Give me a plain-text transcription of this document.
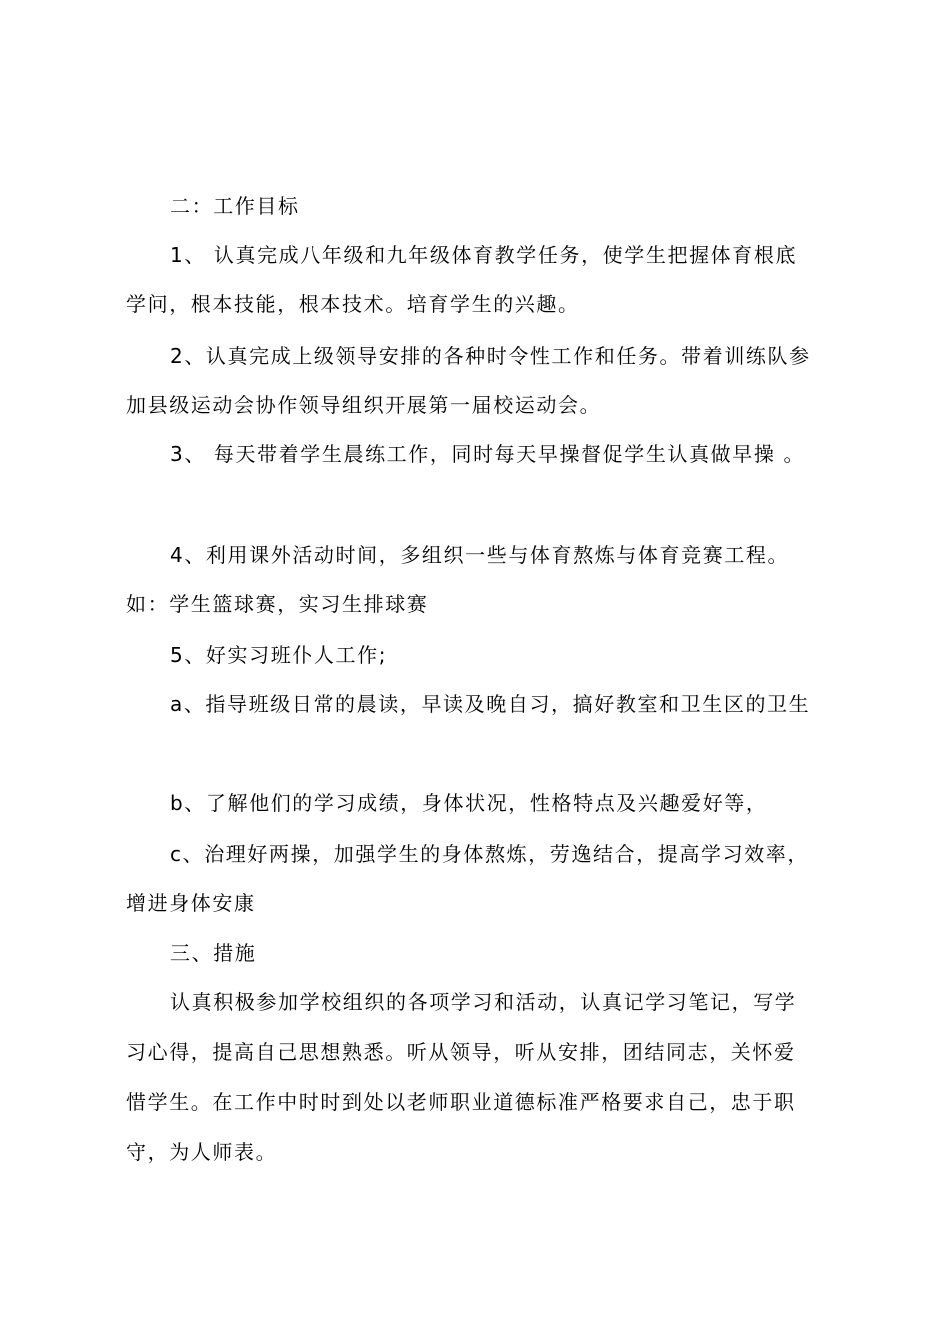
二：工作目标

1、 认真完成八年级和九年级体育教学任务，使学生把握体育根底

学问，根本技能，根本技术。培育学生的兴趣。

2、认真完成上级领导安排的各种时令性工作和任务。带着训练队参

加县级运动会协作领导组织开展第一届校运动会。

3、 每天带着学生晨练工作，同时每天早操督促学生认真做早操 。

4、利用课外活动时间，多组织一些与体育熬炼与体育竞赛工程。

如：学生篮球赛，实习生排球赛

5、好实习班仆人工作;

a、指导班级日常的晨读，早读及晚自习，搞好教室和卫生区的卫生

b、了解他们的学习成绩，身体状况，性格特点及兴趣爱好等，

c、治理好两操，加强学生的身体熬炼，劳逸结合，提高学习效率，

增进身体安康

三、措施

认真积极参加学校组织的各项学习和活动，认真记学习笔记，写学

习心得，提高自己思想熟悉。听从领导，听从安排，团结同志，关怀爱

惜学生。在工作中时时到处以老师职业道德标准严格要求自己，忠于职

守，为人师表。
